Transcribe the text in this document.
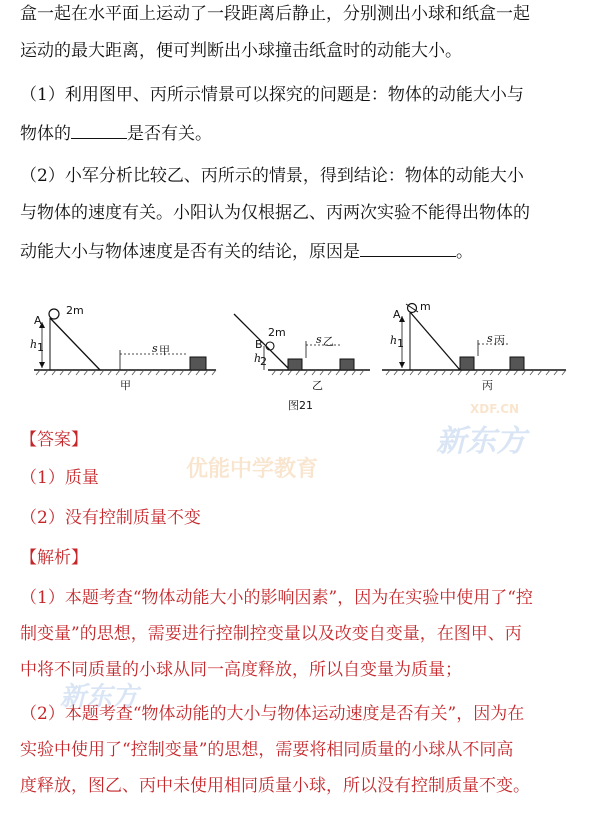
盒一起在水平面上运动了一段距离后静止，分别测出小球和纸盒一起
运动的最大距离，便可判断出小球撞击纸盒时的动能大小。
（1）利用图甲、丙所示情景可以探究的问题是：物体的动能大小与
物体的	是否有关。
（2）小军分析比较乙、丙所示的情景，得到结论：物体的动能大小
与物体的速度有关。小阳认为仅根据乙、丙两次实验不能得出物体的
动能大小与物体速度是否有关的结论，原因是	。
A
2m
h 1	s 甲
甲
B
2m
h
2
s 乙
乙
A
m
h 1	s 丙
丙
图21
新东方
优能中学教育
XDF.CN
【答案】
（1）质量
（2）没有控制质量不变
【解析】
（1）本题考查“物体动能大小的影响因素”，因为在实验中使用了“控
制变量”的思想，需要进行控制控变量以及改变自变量，在图甲、丙
中将不同质量的小球从同一高度释放，所以自变量为质量；
（2）本题考查“物体动能的大小与物体运动速度是否有关”，因为在
实验中使用了“控制变量”的思想，需要将相同质量的小球从不同高
度释放，图乙、丙中未使用相同质量小球，所以没有控制质量不变。
新东方
